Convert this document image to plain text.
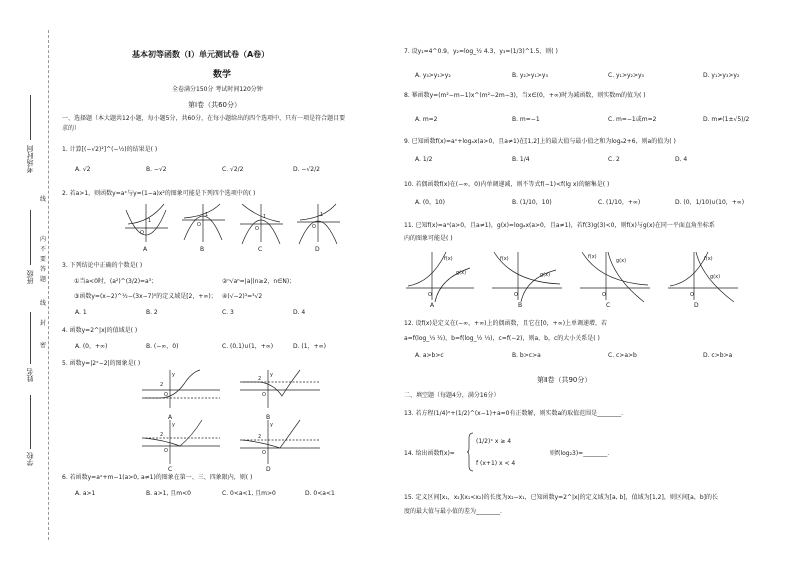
考场时间
班级
姓名
学校
线
内
不
要
答
题
线
封
密
基本初等函数（Ⅰ）单元测试卷（A卷）
数学
全卷满分150分 考试时间120分钟
第Ⅰ卷（共60分）
一、选择题（本大题共12小题，每小题5分，共60分，在每小题给出的四个选项中，只有一项是符合题目要
求的）
1. 计算[(−√2)²]^(−½)的结果是( )
A. √2	B. −√2	C. √2/2	D. −√2/2
2. 若a>1，则函数y=aˣ与y=(1−a)x²的图象可能是下列四个选项中的( )
O
O
O	O
1
1	1	1
A	B	C	D
3. 下列结论中正确的个数是( )
①当a<0时，(a²)^(3/2)=a³；	②ⁿ√aⁿ=|a|(n≥2，n∈N)；
③函数y=(x−2)^½−(3x−7)⁰的定义域是[2，+∞)； ④(√−2)³=³√2
A. 1	B. 2	C. 3	D. 4
4. 函数y=2^|x|的值域是( )
A. (0，+∞)	B. (−∞，0)	C. (0,1)∪(1，+∞)	D. (1，+∞)
5. 函数y=|2ˣ−2|的图象是( )
O	O
O	O
y	y
y	y
2
2
2	2
A	B
C	D
6. 若函数y=aˣ+m−1(a>0, a≠1)的图象在第一、三、四象限内，则( )
A. a>1	B. a>1, 且m<0	C. 0<a<1, 且m>0	D. 0<a<1
7. 设y₁=4^0.9，y₂=log_½ 4.3，y₃=(1/3)^1.5，则( )
A. y₃>y₁>y₂	B. y₂>y₁>y₃	C. y₁>y₂>y₃	D. y₁>y₃>y₂
8. 幂函数y=(m²−m−1)x^(m²−2m−3)，当x∈(0，+∞)时为减函数，则实数m的值为( )
A. m=2	B. m=−1	C. m=−1或m=2	D. m≠(1±√5)/2
9. 已知函数f(x)=aˣ+logₐx(a>0，且a≠1)在[1,2]上的最大值与最小值之和为logₐ2+6，则a的值为( )
A. 1/2	B. 1/4	C. 2	D. 4
10. 若偶函数f(x)在(−∞，0)内单调递减，则不等式f(−1)<f(lg x)的解集是( )
A. (0，10)	B. (1/10，10)	C. (1/10，+∞)	D. (0，1/10)∪(10，+∞)
11. 已知f(x)=aˣ(a>0，且a≠1)，g(x)=logₐx(a>0，且a≠1)，若f(3)g(3)<0，则f(x)与g(x)在同一平面直角坐标系
内的图象可能是( )
O	O	O	O
f(x)
g(x)
f(x)
g(x)
f(x)
g(x)	f(x)
g(x)
A	B	C	D
12. 设f(x)是定义在(−∞，+∞)上的偶函数，且它在[0，+∞)上单调递增，若
a=f(log_⅓ ½)，b=f(log_½ ⅓)，c=f(−2)，则a，b，c的大小关系是( )
A. a>b>c	B. b>c>a	C. c>a>b	D. c>b>a
第Ⅱ卷（共90分）
二、填空题（每题4分，满分16分）
13. 若方程(1/4)ˣ+(1/2)^(x−1)+a=0有正数解，则实数a的取值范围是________.
14. 给出函数f(x)=
(1/2)ˣ x ≥ 4
f (x+1) x < 4
则f(log₂3)=________.
15. 定义区间[x₁，x₂](x₁<x₂)的长度为x₂−x₁，已知函数y=2^|x|的定义域为[a, b]，值域为[1,2]，则区间[a，b]的长
度的最大值与最小值的差为________.
